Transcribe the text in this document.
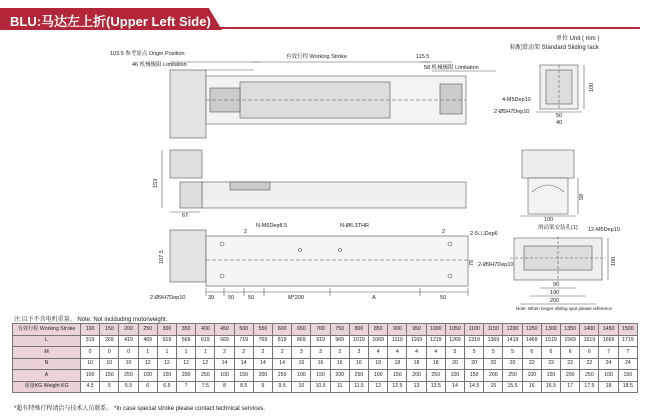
BLU:马达左上折(Upper Left Side)
单位 Unit ( mm )
标配滑动架 Standard Sliding rack
103.5 参考原点 Origin Position
46 机械极限 Limitation
有效行程 Working Stroke	115.5
58 机械极限 Limitation
4-M5Dep10
2-Ø5H7Dep10
100
50
40
153
67
58
100
107.5
N-M6Dep8.5	N-Ø6.3THR
2	2
78
2-5□□Dep6
2-Ø9H7Dep10
2-Ø9H7Dep10	39	50	50	M*200	A	50
12-M5Dep10
滑动架安装孔(1)
90
190
200
100
Note: When longer sliding spot please reference
注:以下不含电机重量。 Note: Not inclduding motorweight.
有效行程 Working Stroke	100	150	200	250	300	350	400	450	500	550	600	650	700	750	800	850	900	950	1000	1050	1100	1150	1200	1250	1300	1350	1400	1450	1500
L	319	269	419	469	519	569	619	669	719	769	819	869	919	969	1019	1069	1119	1169	1219	1269	1319	1369	1419	1469	1519	1569	1619	1669	1719
M	0	0	0	1	1	1	1	2	2	2	2	3	3	3	3	4	4	4	4	5	5	5	5	6	6	6	6	7	7
N	10	10	10	12	12	12	12	14	14	14	14	16	16	16	16	18	18	18	18	20	20	20	20	22	22	22	22	24	24
A	100	150	250	100	150	200	250	100	150	200	250	100	150	200	250	100	150	200	250	100	150	200	250	100	150	200	250	100	150
重量KG Weight KG	4.5	5	5.5	6	6.5	7	7.5	8	8.5	9	9.5	10	10.5	11	11.5	12	12.5	13	13.5	14	14.5	15	15.5	16	16.5	17	17.5	18	18.5
*超有特殊行程请洽与技术人员联系。 *In case special stroke please contact technical services.
